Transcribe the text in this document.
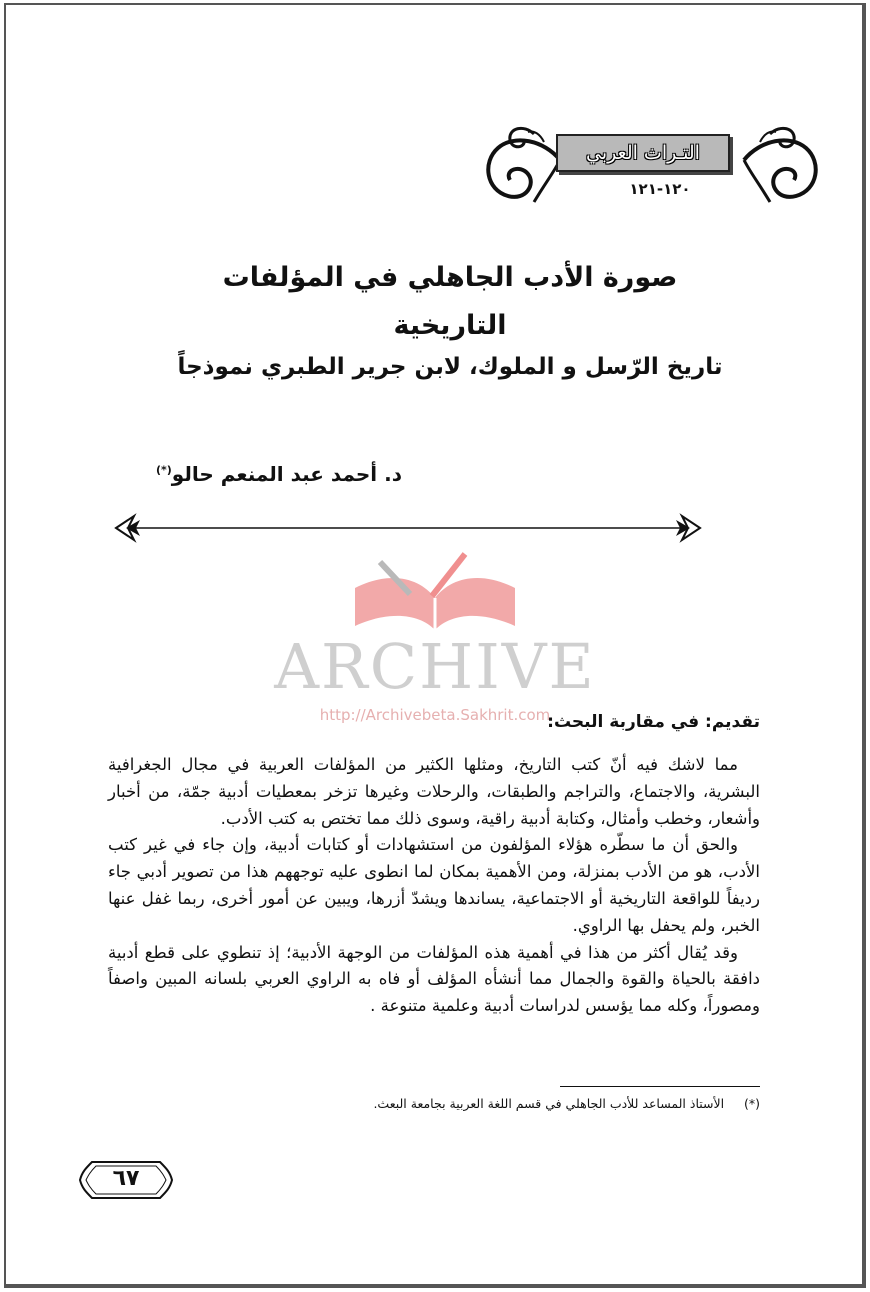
التـراث العربي
١٢٠-١٢١
صورة الأدب الجاهلي في المؤلفات
التاريخية
تاريخ الرّسل و الملوك، لابن جرير الطبري نموذجاً
د. أحمد عبد المنعم حالو(*)
ARCHIVE
http://Archivebeta.Sakhrit.com
تقديم: في مقاربة البحث:

مما لاشك فيه أنّ كتب التاريخ، ومثلها الكثير من المؤلفات العربية في مجال الجغرافية البشرية، والاجتماع، والتراجم والطبقات، والرحلات وغيرها تزخر بمعطيات أدبية جمّة، من أخبار وأشعار، وخطب وأمثال، وكتابة أدبية راقية، وسوى ذلك مما تختص به كتب الأدب.

والحق أن ما سطّره هؤلاء المؤلفون من استشهادات أو كتابات أدبية، وإن جاء في غير كتب الأدب، هو من الأدب بمنزلة، ومن الأهمية بمكان لما انطوى عليه توجههم هذا من تصوير أدبي جاء رديفاً للواقعة التاريخية أو الاجتماعية، يساندها ويشدّ أزرها، ويبين عن أمور أخرى، ربما غفل عنها الخبر، ولم يحفل بها الراوي.

وقد يُقال أكثر من هذا في أهمية هذه المؤلفات من الوجهة الأدبية؛ إذ تنطوي على قطع أدبية دافقة بالحياة والقوة والجمال مما أنشأه المؤلف أو فاه به الراوي العربي بلسانه المبين واصفاً ومصوراً، وكله مما يؤسس لدراسات أدبية وعلمية متنوعة .

(*)     الأستاذ المساعد للأدب الجاهلي في قسم اللغة العربية بجامعة البعث.
٦٧
